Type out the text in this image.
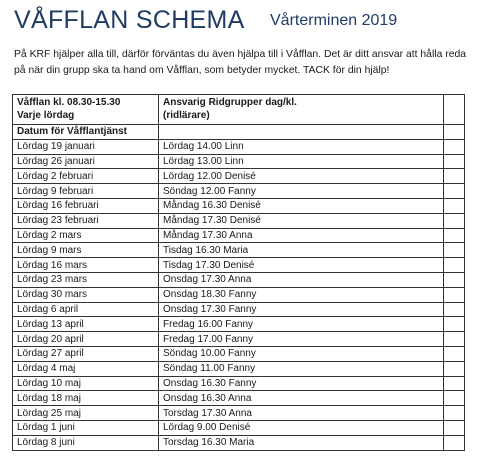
VÅFFLAN SCHEMA Vårterminen 2019

På KRF hjälper alla till, därför förväntas du även hjälpa till i Våfflan. Det är ditt ansvar att hålla reda på när din grupp ska ta hand om Våfflan, som betyder mycket. TACK för din hjälp!

Våfflan kl. 08.30-15.30
Varje lördag	Ansvarig Ridgrupper dag/kl.
(ridlärare)	

Datum för Våfflantjänst		
Lördag 19 januari	Lördag 14.00 Linn	
Lördag 26 januari	Lördag 13.00 Linn	
Lördag 2 februari	Lördag 12.00 Denisé	
Lördag 9 februari	Söndag 12.00 Fanny	
Lördag 16 februari	Måndag 16.30 Denisé	
Lördag 23 februari	Måndag 17.30 Denisé	
Lördag 2 mars	Måndag 17.30 Anna	
Lördag 9 mars	Tisdag 16.30 Maria	
Lördag 16 mars	Tisdag 17.30 Denisé	
Lördag 23 mars	Onsdag 17.30 Anna	
Lördag 30 mars	Onsdag 18.30 Fanny	
Lördag 6 april	Onsdag 17.30 Fanny	
Lördag 13 april	Fredag 16.00 Fanny	
Lördag 20 april	Fredag 17.00 Fanny	
Lördag 27 april	Söndag 10.00 Fanny	
Lördag 4 maj	Söndag 11.00 Fanny	
Lördag 10 maj	Onsdag 16.30 Fanny	
Lördag 18 maj	Onsdag 16.30 Anna	
Lördag 25 maj	Torsdag 17.30 Anna	
Lördag 1 juni	Lördag 9.00 Denisé	
Lördag 8 juni	Torsdag 16.30 Maria	
